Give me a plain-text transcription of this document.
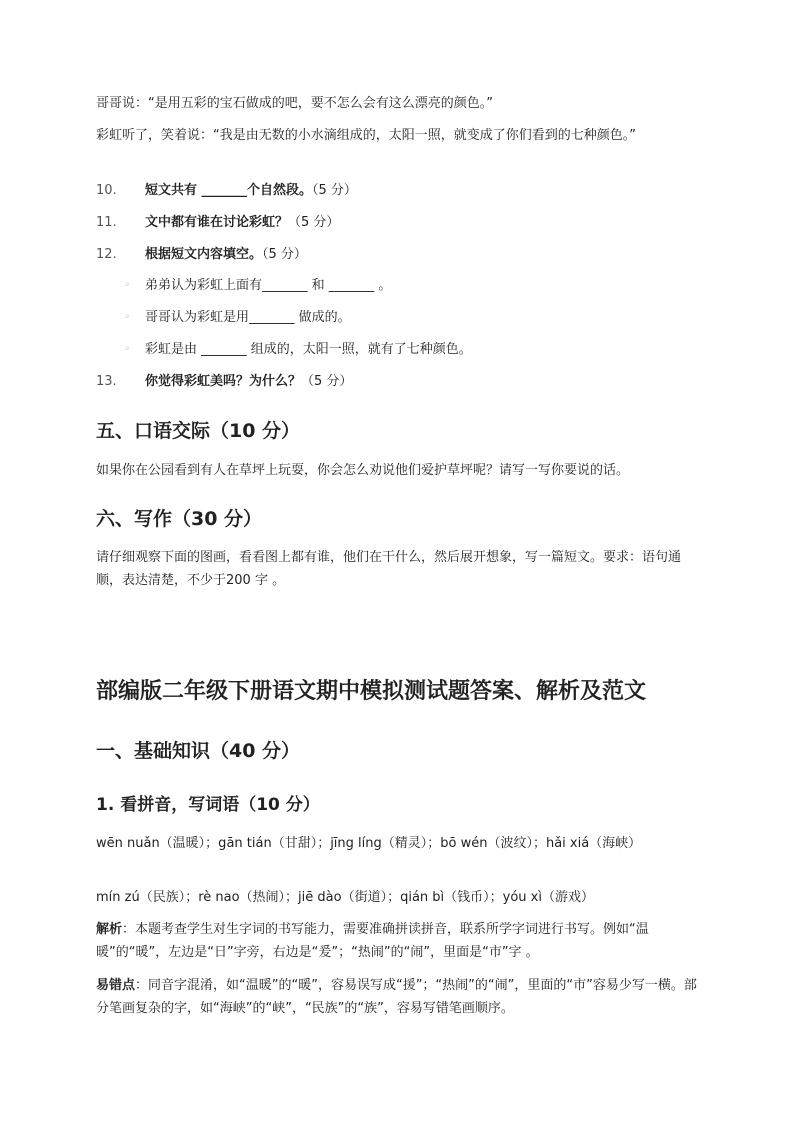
哥哥说：“是用五彩的宝石做成的吧，要不怎么会有这么漂亮的颜色。”
彩虹听了，笑着说：“我是由无数的小水滴组成的，太阳一照，就变成了你们看到的七种颜色。”
10. 短文共有 _______个自然段。（5 分）
11. 文中都有谁在讨论彩虹？（5 分）
12. 根据短文内容填空。（5 分）
◦ 弟弟认为彩虹上面有_______ 和 _______ 。
◦ 哥哥认为彩虹是用_______ 做成的。
◦ 彩虹是由 _______ 组成的，太阳一照，就有了七种颜色。
13. 你觉得彩虹美吗？为什么？（5 分）
五、口语交际（10 分）
如果你在公园看到有人在草坪上玩耍，你会怎么劝说他们爱护草坪呢？请写一写你要说的话。
六、写作（30 分）
请仔细观察下面的图画，看看图上都有谁，他们在干什么，然后展开想象，写一篇短文。要求：语句通顺，表达清楚，不少于200 字 。
部编版二年级下册语文期中模拟测试题答案、解析及范文
一、基础知识（40 分）
1. 看拼音，写词语（10 分）
wēn nuǎn（温暖）；gān tián（甘甜）；jīng líng（精灵）；bō wén（波纹）；hǎi xiá（海峡）
mín zú（民族）；rè nao（热闹）；jiē dào（街道）；qián bì（钱币）；yóu xì（游戏）
解析：本题考查学生对生字词的书写能力，需要准确拼读拼音，联系所学字词进行书写。例如“温暖”的“暖”，左边是“日”字旁，右边是“爰”；“热闹”的“闹”，里面是“市”字 。
易错点：同音字混淆，如“温暖”的“暖”，容易误写成“援”；“热闹”的“闹”，里面的“市”容易少写一横。部分笔画复杂的字，如“海峡”的“峡”，“民族”的“族”，容易写错笔画顺序。
